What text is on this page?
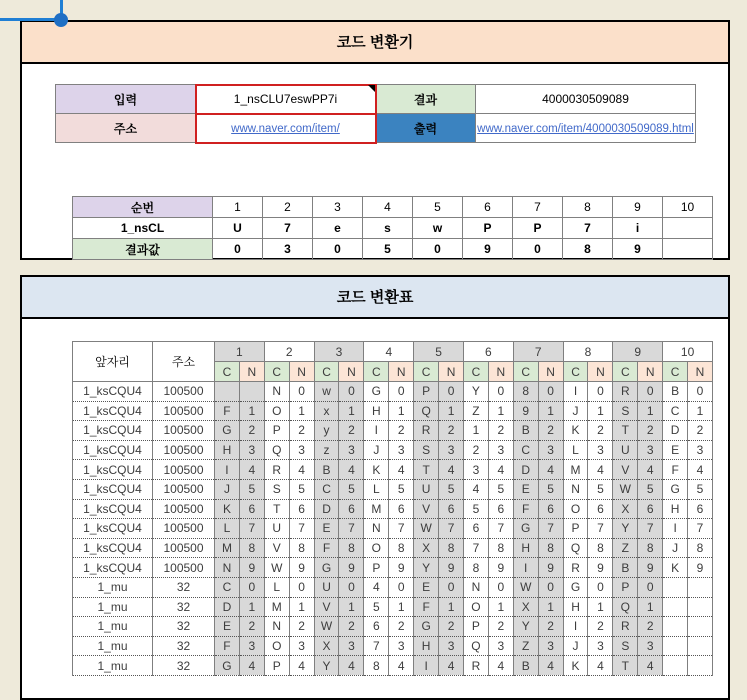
코드 변환기
입력	1_nsCLU7eswPP7i	결과	4000030509089
주소	www.naver.com/item/	출력	www.naver.com/item/4000030509089.html
순번	1	2	3	4	5	6	7	8	9	10
1_nsCL	U	7	e	s	w	P	P	7	i	
결과값	0	3	0	5	0	9	0	8	9	
코드 변환표
앞자리	주소	1		2		3		4		5		6		7		8		9		10	
		C	N	C	N	C	N	C	N	C	N	C	N	C	N	C	N	C	N	C	N
1_ksCQU4	100500			N	0	w	0	G	0	P	0	Y	0	8	0	I	0	R	0	B	0
1_ksCQU4	100500	F	1	O	1	x	1	H	1	Q	1	Z	1	9	1	J	1	S	1	C	1
1_ksCQU4	100500	G	2	P	2	y	2	I	2	R	2	1	2	B	2	K	2	T	2	D	2
1_ksCQU4	100500	H	3	Q	3	z	3	J	3	S	3	2	3	C	3	L	3	U	3	E	3
1_ksCQU4	100500	I	4	R	4	B	4	K	4	T	4	3	4	D	4	M	4	V	4	F	4
1_ksCQU4	100500	J	5	S	5	C	5	L	5	U	5	4	5	E	5	N	5	W	5	G	5
1_ksCQU4	100500	K	6	T	6	D	6	M	6	V	6	5	6	F	6	O	6	X	6	H	6
1_ksCQU4	100500	L	7	U	7	E	7	N	7	W	7	6	7	G	7	P	7	Y	7	I	7
1_ksCQU4	100500	M	8	V	8	F	8	O	8	X	8	7	8	H	8	Q	8	Z	8	J	8
1_ksCQU4	100500	N	9	W	9	G	9	P	9	Y	9	8	9	I	9	R	9	B	9	K	9
1_mu	32	C	0	L	0	U	0	4	0	E	0	N	0	W	0	G	0	P	0		
1_mu	32	D	1	M	1	V	1	5	1	F	1	O	1	X	1	H	1	Q	1		
1_mu	32	E	2	N	2	W	2	6	2	G	2	P	2	Y	2	I	2	R	2		
1_mu	32	F	3	O	3	X	3	7	3	H	3	Q	3	Z	3	J	3	S	3		
1_mu	32	G	4	P	4	Y	4	8	4	I	4	R	4	B	4	K	4	T	4		
